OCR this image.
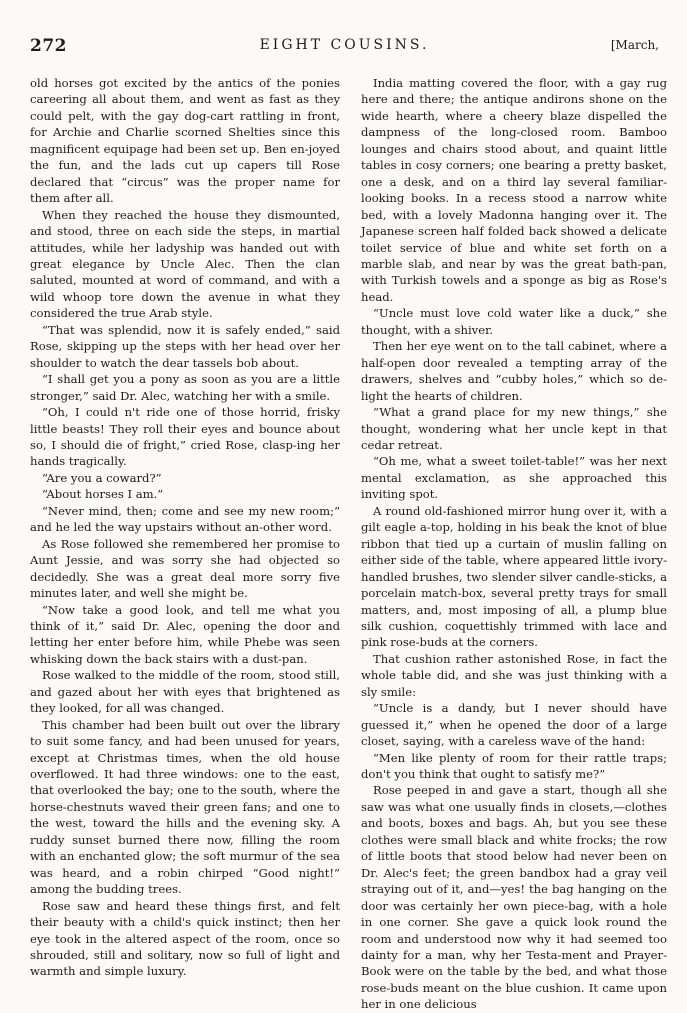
272	EIGHT COUSINS.	[March,

old horses got excited by the antics of the ponies careering all about them, and went as fast as they could pelt, with the gay dog-cart rattling in front, for Archie and Charlie scorned Shelties since this magnificent equipage had been set up. Ben en-joyed the fun, and the lads cut up capers till Rose declared that “circus” was the proper name for them after all.

When they reached the house they dismounted, and stood, three on each side the steps, in martial attitudes, while her ladyship was handed out with great elegance by Uncle Alec. Then the clan saluted, mounted at word of command, and with a wild whoop tore down the avenue in what they considered the true Arab style.

“That was splendid, now it is safely ended,” said Rose, skipping up the steps with her head over her shoulder to watch the dear tassels bob about.

“I shall get you a pony as soon as you are a little stronger,” said Dr. Alec, watching her with a smile.

“Oh, I could n't ride one of those horrid, frisky little beasts! They roll their eyes and bounce about so, I should die of fright,” cried Rose, clasp-ing her hands tragically.

“Are you a coward?”

“About horses I am.”

“Never mind, then; come and see my new room;” and he led the way upstairs without an-other word.

As Rose followed she remembered her promise to Aunt Jessie, and was sorry she had objected so decidedly. She was a great deal more sorry five minutes later, and well she might be.

“Now take a good look, and tell me what you think of it,” said Dr. Alec, opening the door and letting her enter before him, while Phebe was seen whisking down the back stairs with a dust-pan.

Rose walked to the middle of the room, stood still, and gazed about her with eyes that brightened as they looked, for all was changed.

This chamber had been built out over the library to suit some fancy, and had been unused for years, except at Christmas times, when the old house overflowed. It had three windows: one to the east, that overlooked the bay; one to the south, where the horse-chestnuts waved their green fans; and one to the west, toward the hills and the evening sky. A ruddy sunset burned there now, filling the room with an enchanted glow; the soft murmur of the sea was heard, and a robin chirped “Good night!” among the budding trees.

Rose saw and heard these things first, and felt their beauty with a child's quick instinct; then her eye took in the altered aspect of the room, once so shrouded, still and solitary, now so full of light and warmth and simple luxury.

India matting covered the floor, with a gay rug here and there; the antique andirons shone on the wide hearth, where a cheery blaze dispelled the dampness of the long-closed room. Bamboo lounges and chairs stood about, and quaint little tables in cosy corners; one bearing a pretty basket, one a desk, and on a third lay several familiar-looking books. In a recess stood a narrow white bed, with a lovely Madonna hanging over it. The Japanese screen half folded back showed a delicate toilet service of blue and white set forth on a marble slab, and near by was the great bath-pan, with Turkish towels and a sponge as big as Rose's head.

“Uncle must love cold water like a duck,” she thought, with a shiver.

Then her eye went on to the tall cabinet, where a half-open door revealed a tempting array of the drawers, shelves and “cubby holes,” which so de-light the hearts of children.

“What a grand place for my new things,” she thought, wondering what her uncle kept in that cedar retreat.

“Oh me, what a sweet toilet-table!” was her next mental exclamation, as she approached this inviting spot.

A round old-fashioned mirror hung over it, with a gilt eagle a-top, holding in his beak the knot of blue ribbon that tied up a curtain of muslin falling on either side of the table, where appeared little ivory-handled brushes, two slender silver candle-sticks, a porcelain match-box, several pretty trays for small matters, and, most imposing of all, a plump blue silk cushion, coquettishly trimmed with lace and pink rose-buds at the corners.

That cushion rather astonished Rose, in fact the whole table did, and she was just thinking with a sly smile:

“Uncle is a dandy, but I never should have guessed it,” when he opened the door of a large closet, saying, with a careless wave of the hand:

“Men like plenty of room for their rattle traps; don't you think that ought to satisfy me?”

Rose peeped in and gave a start, though all she saw was what one usually finds in closets,—clothes and boots, boxes and bags. Ah, but you see these clothes were small black and white frocks; the row of little boots that stood below had never been on Dr. Alec's feet; the green bandbox had a gray veil straying out of it, and—yes! the bag hanging on the door was certainly her own piece-bag, with a hole in one corner. She gave a quick look round the room and understood now why it had seemed too dainty for a man, why her Testa-ment and Prayer-Book were on the table by the bed, and what those rose-buds meant on the blue cushion. It came upon her in one delicious
